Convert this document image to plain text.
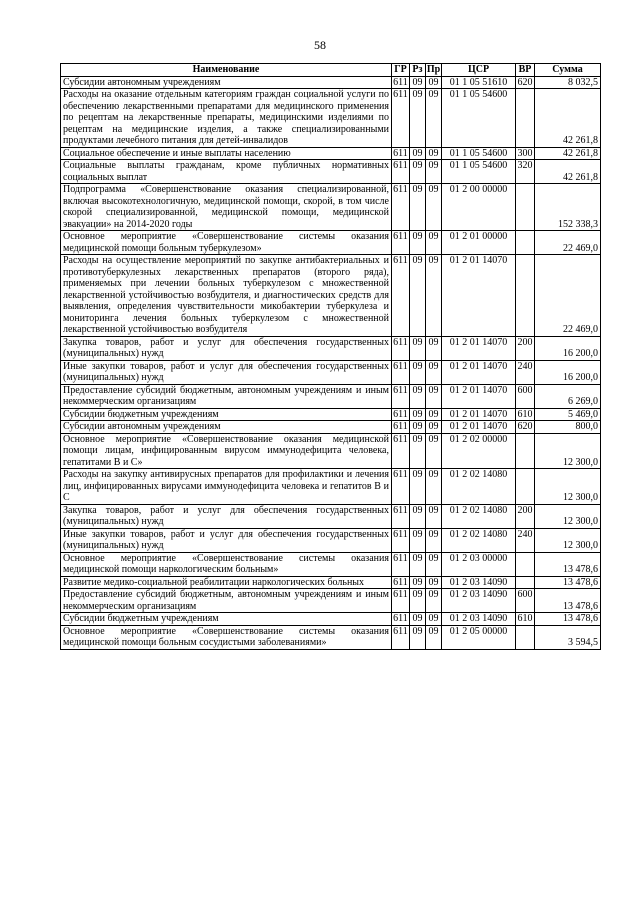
58
Наименование	ГР	Рз	Пр	ЦСР	ВР	Сумма
Субсидии автономным учреждениям	611	09	09	01 1 05 51610	620	8 032,5
Расходы на оказание отдельным категориям граждан социальной услуги по обеспечению лекарственными препаратами для медицинского применения по рецептам на лекарственные препараты, медицинскими изделиями по рецептам на медицинские изделия, а также специализированными продуктами лечебного питания для детей-инвалидов	611	09	09	01 1 05 54600		42 261,8
Социальное обеспечение и иные выплаты населению	611	09	09	01 1 05 54600	300	42 261,8
Социальные выплаты гражданам, кроме публичных нормативных социальных выплат	611	09	09	01 1 05 54600	320	42 261,8
Подпрограмма «Совершенствование оказания специализированной, включая высокотехнологичную, медицинской помощи, скорой, в том числе скорой специализированной, медицинской помощи, медицинской эвакуации» на 2014-2020 годы	611	09	09	01 2 00 00000		152 338,3
Основное мероприятие «Совершенствование системы оказания медицинской помощи больным туберкулезом»	611	09	09	01 2 01 00000		22 469,0
Расходы на осуществление мероприятий по закупке антибактериальных и противотуберкулезных лекарственных препаратов (второго ряда), применяемых при лечении больных туберкулезом с множественной лекарственной устойчивостью возбудителя, и диагностических средств для выявления, определения чувствительности микобактерии туберкулеза и мониторинга лечения больных туберкулезом с множественной лекарственной устойчивостью возбудителя	611	09	09	01 2 01 14070		22 469,0
Закупка товаров, работ и услуг для обеспечения государственных (муниципальных) нужд	611	09	09	01 2 01 14070	200	16 200,0
Иные закупки товаров, работ и услуг для обеспечения государственных (муниципальных) нужд	611	09	09	01 2 01 14070	240	16 200,0
Предоставление субсидий бюджетным, автономным учреждениям и иным некоммерческим организациям	611	09	09	01 2 01 14070	600	6 269,0
Субсидии бюджетным учреждениям	611	09	09	01 2 01 14070	610	5 469,0
Субсидии автономным учреждениям	611	09	09	01 2 01 14070	620	800,0
Основное мероприятие «Совершенствование оказания медицинской помощи лицам, инфицированным вирусом иммунодефицита человека, гепатитами В и С»	611	09	09	01 2 02 00000		12 300,0
Расходы на закупку антивирусных препаратов для профилактики и лечения лиц, инфицированных вирусами иммунодефицита человека и гепатитов В и С	611	09	09	01 2 02 14080		12 300,0
Закупка товаров, работ и услуг для обеспечения государственных (муниципальных) нужд	611	09	09	01 2 02 14080	200	12 300,0
Иные закупки товаров, работ и услуг для обеспечения государственных (муниципальных) нужд	611	09	09	01 2 02 14080	240	12 300,0
Основное мероприятие «Совершенствование системы оказания медицинской помощи наркологическим больным»	611	09	09	01 2 03 00000		13 478,6
Развитие медико-социальной реабилитации наркологических больных	611	09	09	01 2 03 14090		13 478,6
Предоставление субсидий бюджетным, автономным учреждениям и иным некоммерческим организациям	611	09	09	01 2 03 14090	600	13 478,6
Субсидии бюджетным учреждениям	611	09	09	01 2 03 14090	610	13 478,6
Основное мероприятие «Совершенствование системы оказания медицинской помощи больным сосудистыми заболеваниями»	611	09	09	01 2 05 00000		3 594,5
